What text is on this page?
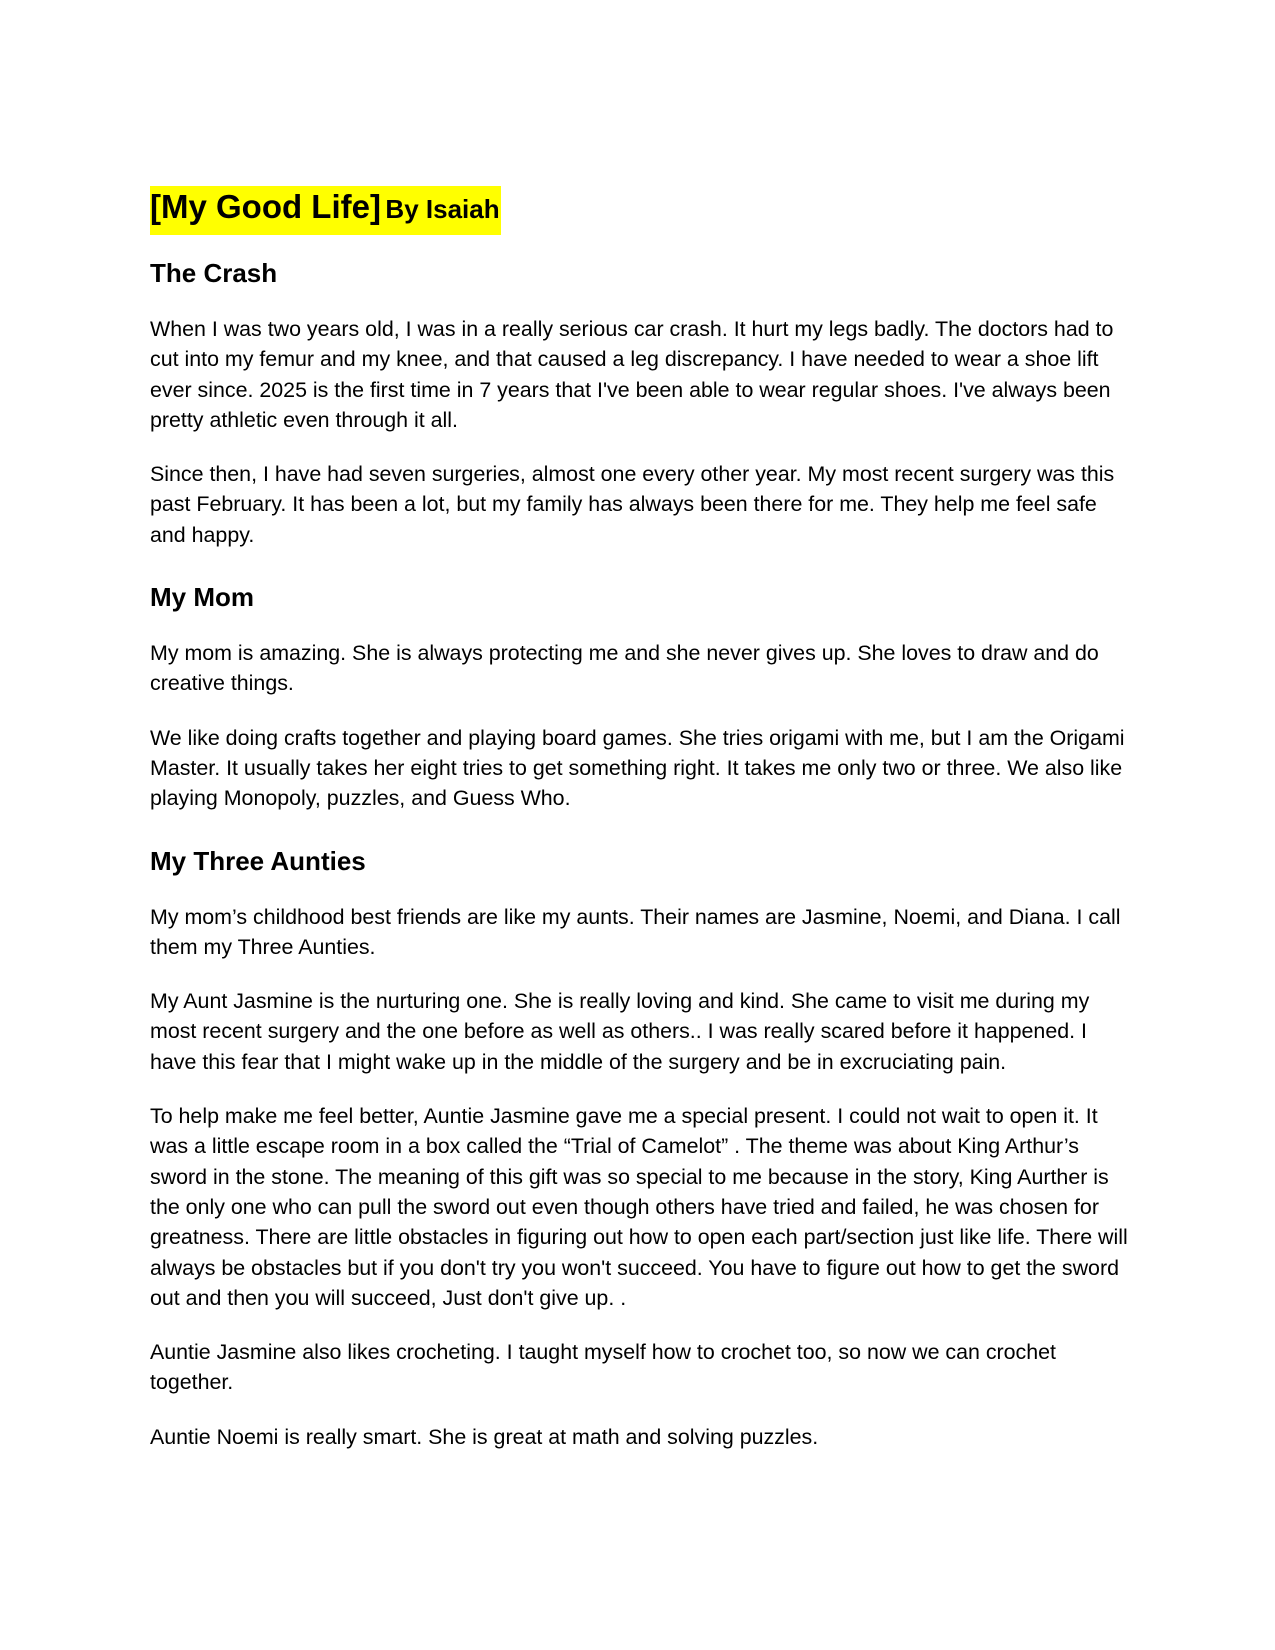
[My Good Life] By Isaiah
The Crash

When I was two years old, I was in a really serious car crash. It hurt my legs badly. The doctors had to cut into my femur and my knee, and that caused a leg discrepancy. I have needed to wear a shoe lift ever since. 2025 is the first time in 7 years that I've been able to wear regular shoes. I've always been pretty athletic even through it all.

Since then, I have had seven surgeries, almost one every other year. My most recent surgery was this past February. It has been a lot, but my family has always been there for me. They help me feel safe and happy.

My Mom

My mom is amazing. She is always protecting me and she never gives up. She loves to draw and do creative things.

We like doing crafts together and playing board games. She tries origami with me, but I am the Origami Master. It usually takes her eight tries to get something right. It takes me only two or three. We also like playing Monopoly, puzzles, and Guess Who.

My Three Aunties

My mom’s childhood best friends are like my aunts. Their names are Jasmine, Noemi, and Diana. I call them my Three Aunties.

My Aunt Jasmine is the nurturing one. She is really loving and kind. She came to visit me during my most recent surgery and the one before as well as others.. I was really scared before it happened. I have this fear that I might wake up in the middle of the surgery and be in excruciating pain.

To help make me feel better, Auntie Jasmine gave me a special present. I could not wait to open it. It was a little escape room in a box called the “Trial of Camelot” . The theme was about King Arthur’s sword in the stone. The meaning of this gift was so special to me because in the story, King Aurther is the only one who can pull the sword out even though others have tried and failed, he was chosen for greatness. There are little obstacles in figuring out how to open each part/section just like life. There will always be obstacles but if you don't try you won't succeed. You have to figure out how to get the sword out and then you will succeed, Just don't give up. .

Auntie Jasmine also likes crocheting. I taught myself how to crochet too, so now we can crochet together.

Auntie Noemi is really smart. She is great at math and solving puzzles.
